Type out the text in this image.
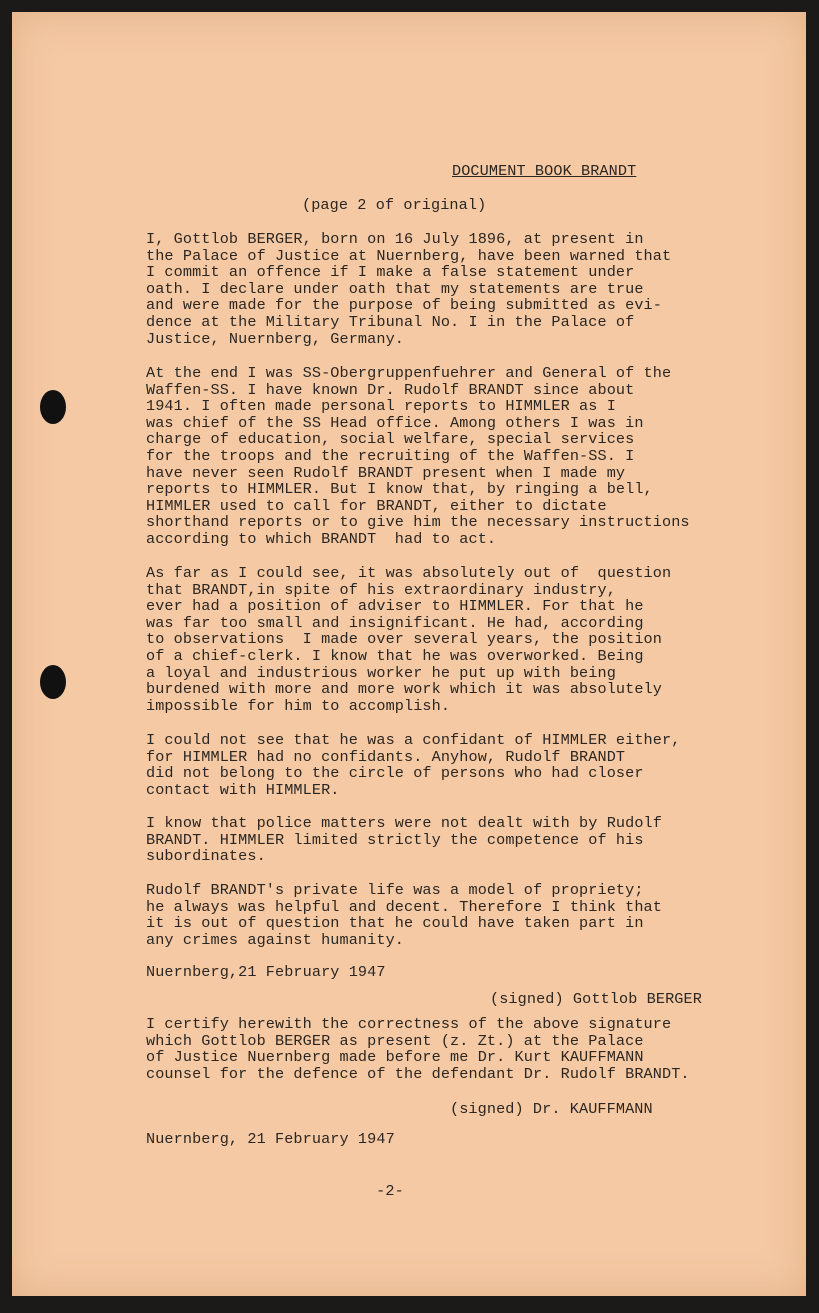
DOCUMENT BOOK BRANDT

(page 2 of original)

I, Gottlob BERGER, born on 16 July 1896, at present in
the Palace of Justice at Nuernberg, have been warned that
I commit an offence if I make a false statement under
oath. I declare under oath that my statements are true
and were made for the purpose of being submitted as evi-
dence at the Military Tribunal No. I in the Palace of
Justice, Nuernberg, Germany.

At the end I was SS-Obergruppenfuehrer and General of the
Waffen-SS. I have known Dr. Rudolf BRANDT since about
1941. I often made personal reports to HIMMLER as I
was chief of the SS Head office. Among others I was in
charge of education, social welfare, special services
for the troops and the recruiting of the Waffen-SS. I
have never seen Rudolf BRANDT present when I made my
reports to HIMMLER. But I know that, by ringing a bell,
HIMMLER used to call for BRANDT, either to dictate
shorthand reports or to give him the necessary instructions
according to which BRANDT  had to act.

As far as I could see, it was absolutely out of  question
that BRANDT,in spite of his extraordinary industry,
ever had a position of adviser to HIMMLER. For that he
was far too small and insignificant. He had, according
to observations  I made over several years, the position
of a chief-clerk. I know that he was overworked. Being
a loyal and industrious worker he put up with being
burdened with more and more work which it was absolutely
impossible for him to accomplish.

I could not see that he was a confidant of HIMMLER either,
for HIMMLER had no confidants. Anyhow, Rudolf BRANDT
did not belong to the circle of persons who had closer
contact with HIMMLER.

I know that police matters were not dealt with by Rudolf
BRANDT. HIMMLER limited strictly the competence of his
subordinates.

Rudolf BRANDT's private life was a model of propriety;
he always was helpful and decent. Therefore I think that
it is out of question that he could have taken part in
any crimes against humanity.

Nuernberg,21 February 1947

(signed) Gottlob BERGER

I certify herewith the correctness of the above signature
which Gottlob BERGER as present (z. Zt.) at the Palace
of Justice Nuernberg made before me Dr. Kurt KAUFFMANN
counsel for the defence of the defendant Dr. Rudolf BRANDT.

(signed) Dr. KAUFFMANN

Nuernberg, 21 February 1947

-2-
